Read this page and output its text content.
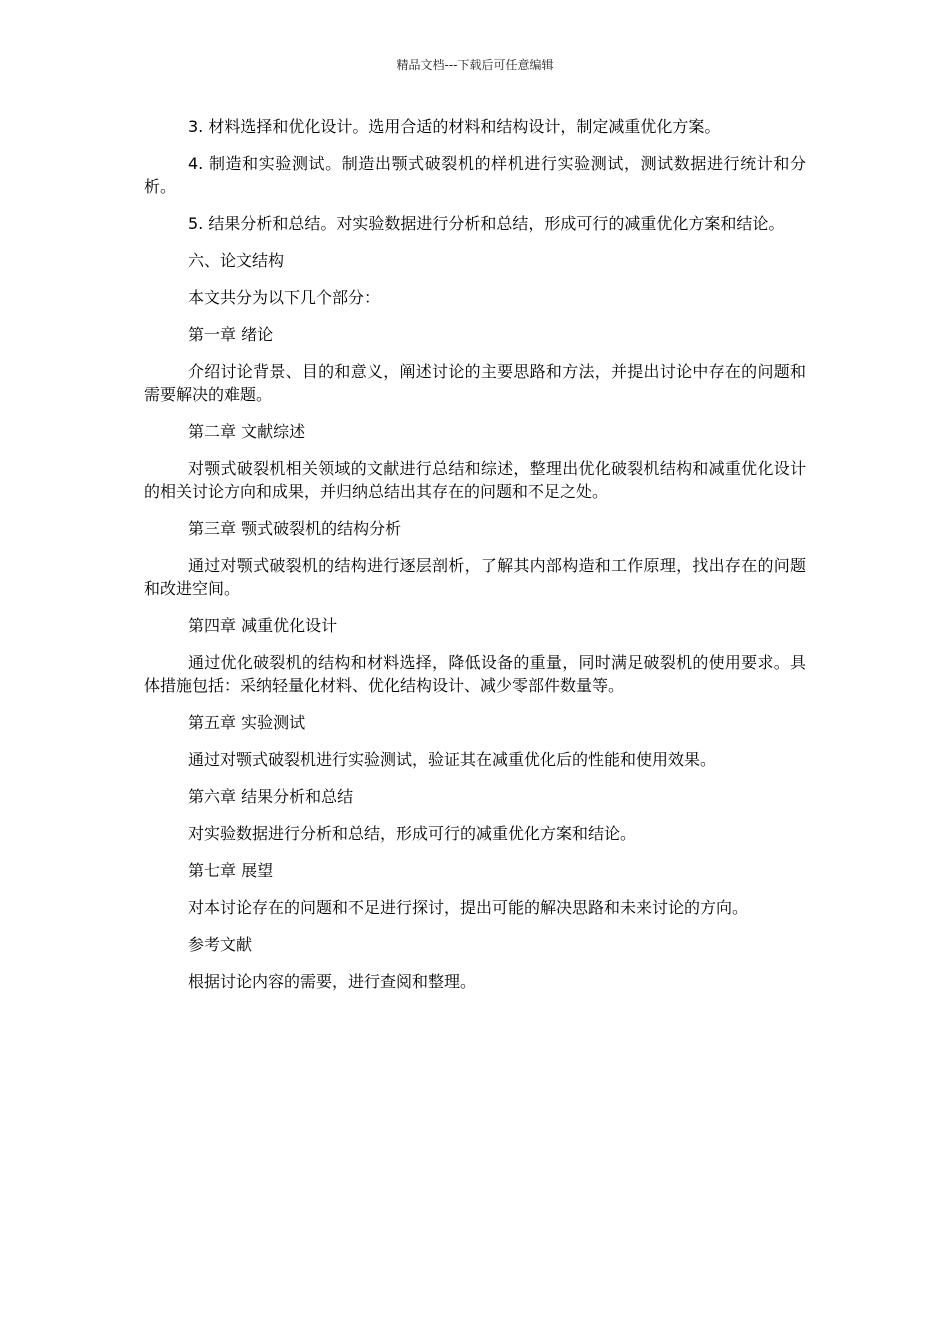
精品文档---下载后可任意编辑

3. 材料选择和优化设计。选用合适的材料和结构设计，制定减重优化方案。

4. 制造和实验测试。制造出颚式破裂机的样机进行实验测试，测试数据进行统计和分析。

5. 结果分析和总结。对实验数据进行分析和总结，形成可行的减重优化方案和结论。

六、论文结构

本文共分为以下几个部分：

第一章 绪论

介绍讨论背景、目的和意义，阐述讨论的主要思路和方法，并提出讨论中存在的问题和需要解决的难题。

第二章 文献综述

对颚式破裂机相关领域的文献进行总结和综述，整理出优化破裂机结构和减重优化设计的相关讨论方向和成果，并归纳总结出其存在的问题和不足之处。

第三章 颚式破裂机的结构分析

通过对颚式破裂机的结构进行逐层剖析，了解其内部构造和工作原理，找出存在的问题和改进空间。

第四章 减重优化设计

通过优化破裂机的结构和材料选择，降低设备的重量，同时满足破裂机的使用要求。具体措施包括：采纳轻量化材料、优化结构设计、减少零部件数量等。

第五章 实验测试

通过对颚式破裂机进行实验测试，验证其在减重优化后的性能和使用效果。

第六章 结果分析和总结

对实验数据进行分析和总结，形成可行的减重优化方案和结论。

第七章 展望

对本讨论存在的问题和不足进行探讨，提出可能的解决思路和未来讨论的方向。

参考文献

根据讨论内容的需要，进行查阅和整理。
